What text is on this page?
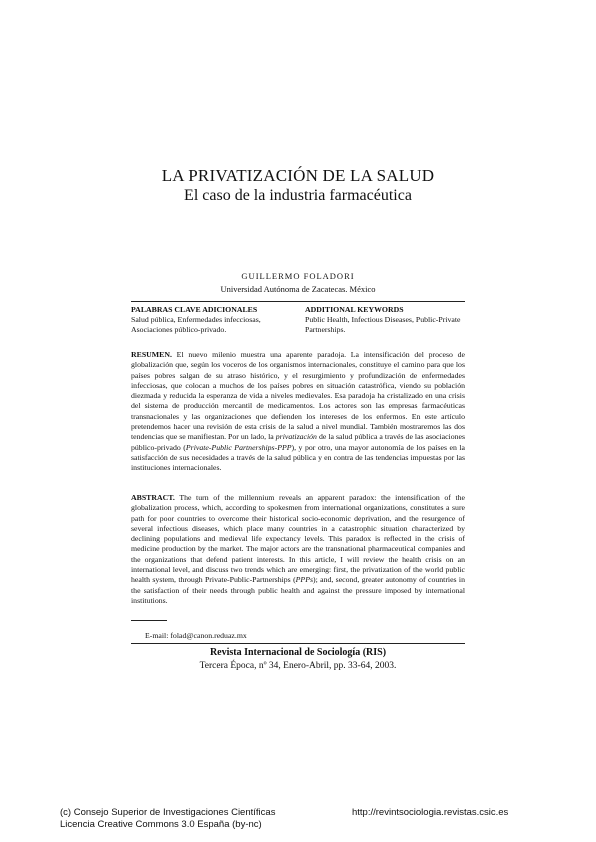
LA PRIVATIZACIÓN DE LA SALUD
El caso de la industria farmacéutica
GUILLERMO FOLADORI
Universidad Autónoma de Zacatecas. México
PALABRAS CLAVE ADICIONALES
Salud pública, Enfermedades infecciosas, Asociaciones público-privado.
ADDITIONAL KEYWORDS
Public Health, Infectious Diseases, Public-Private Partnerships.
RESUMEN. El nuevo milenio muestra una aparente paradoja. La intensificación del proceso de globalización que, según los voceros de los organismos internacionales, constituye el camino para que los países pobres salgan de su atraso histórico, y el resurgimiento y profundización de enfermedades infecciosas, que colocan a muchos de los países pobres en situación catastrófica, viendo su población diezmada y reducida la esperanza de vida a niveles medievales. Esa paradoja ha cristalizado en una crisis del sistema de producción mercantil de medicamentos. Los actores son las empresas farmacéuticas transnacionales y las organizaciones que defienden los intereses de los enfermos. En este artículo pretendemos hacer una revisión de esta crisis de la salud a nivel mundial. También mostraremos las dos tendencias que se manifiestan. Por un lado, la privatización de la salud pública a través de las asociaciones público-privado (Private-Public Partnerships-PPP), y por otro, una mayor autonomía de los países en la satisfacción de sus necesidades a través de la salud pública y en contra de las tendencias impuestas por las instituciones internacionales.
ABSTRACT. The turn of the millennium reveals an apparent paradox: the intensification of the globalization process, which, according to spokesmen from international organizations, constitutes a sure path for poor countries to overcome their historical socio-economic deprivation, and the resurgence of several infectious diseases, which place many countries in a catastrophic situation characterized by declining populations and medieval life expectancy levels. This paradox is reflected in the crisis of medicine production by the market. The major actors are the transnational pharmaceutical companies and the organizations that defend patient interests. In this article, I will review the health crisis on an international level, and discuss two trends which are emerging: first, the privatization of the world public health system, through Private-Public-Partnerships (PPPs); and, second, greater autonomy of countries in the satisfaction of their needs through public health and against the pressure imposed by international institutions.
E-mail: folad@canon.reduaz.mx
Revista Internacional de Sociología (RIS)
Tercera Época, nº 34, Enero-Abril, pp. 33-64, 2003.
(c) Consejo Superior de Investigaciones Científicas
Licencia Creative Commons 3.0 España (by-nc)
http://revintsociologia.revistas.csic.es
